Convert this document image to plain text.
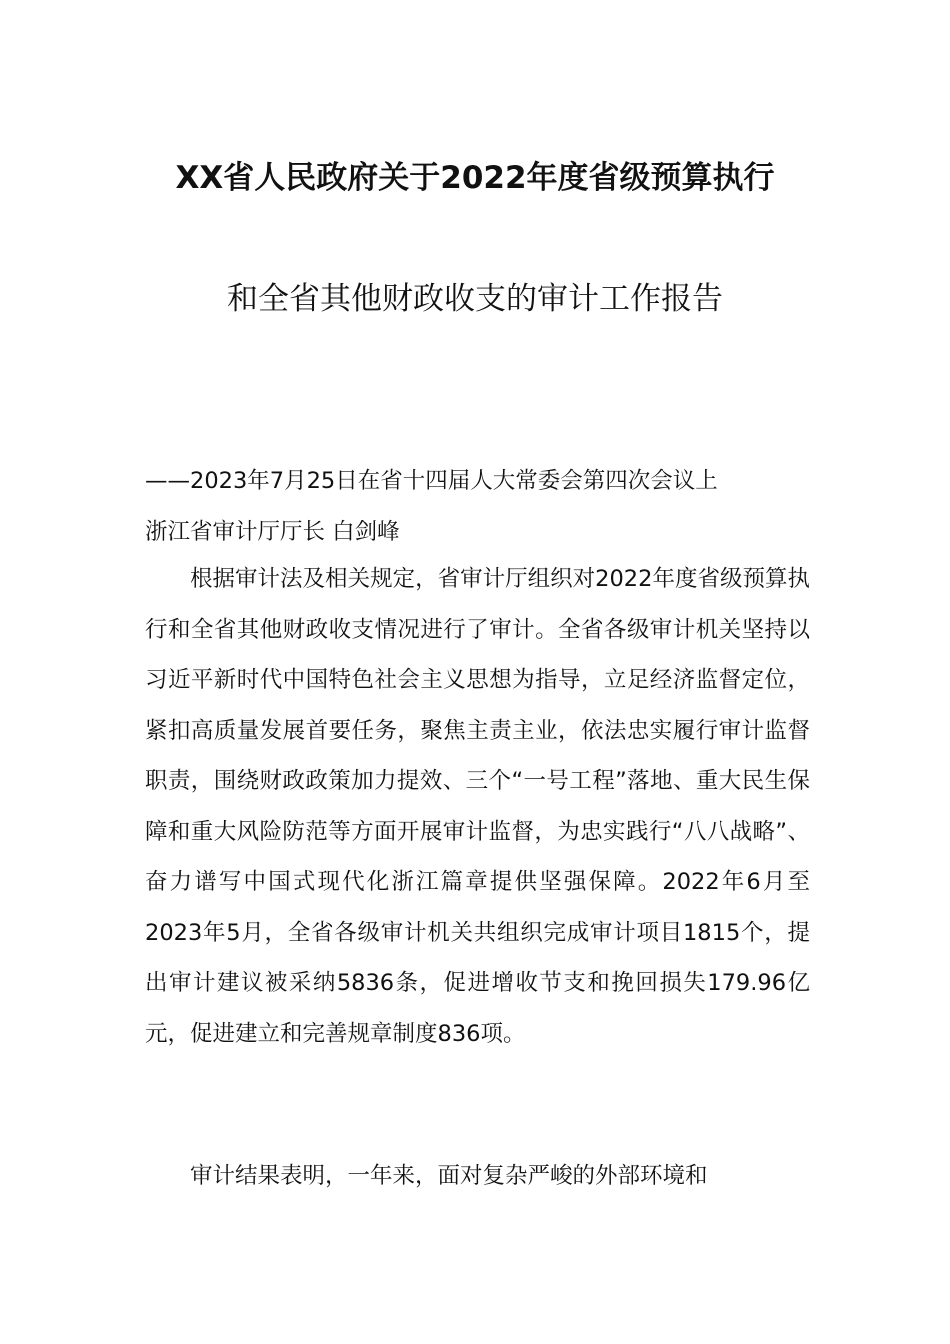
XX省人民政府关于2022年度省级预算执行
和全省其他财政收支的审计工作报告
——2023年7月25日在省十四届人大常委会第四次会议上
浙江省审计厅厅长 白剑峰
根据审计法及相关规定，省审计厅组织对2022年度省级预算执行和全省其他财政收支情况进行了审计。全省各级审计机关坚持以习近平新时代中国特色社会主义思想为指导，立足经济监督定位，紧扣高质量发展首要任务，聚焦主责主业，依法忠实履行审计监督职责，围绕财政政策加力提效、三个“一号工程”落地、重大民生保障和重大风险防范等方面开展审计监督，为忠实践行“八八战略”、奋力谱写中国式现代化浙江篇章提供坚强保障。2022年6月至2023年5月，全省各级审计机关共组织完成审计项目1815个，提出审计建议被采纳5836条，促进增收节支和挽回损失179.96亿元，促进建立和完善规章制度836项。
审计结果表明，一年来，面对复杂严峻的外部环境和
